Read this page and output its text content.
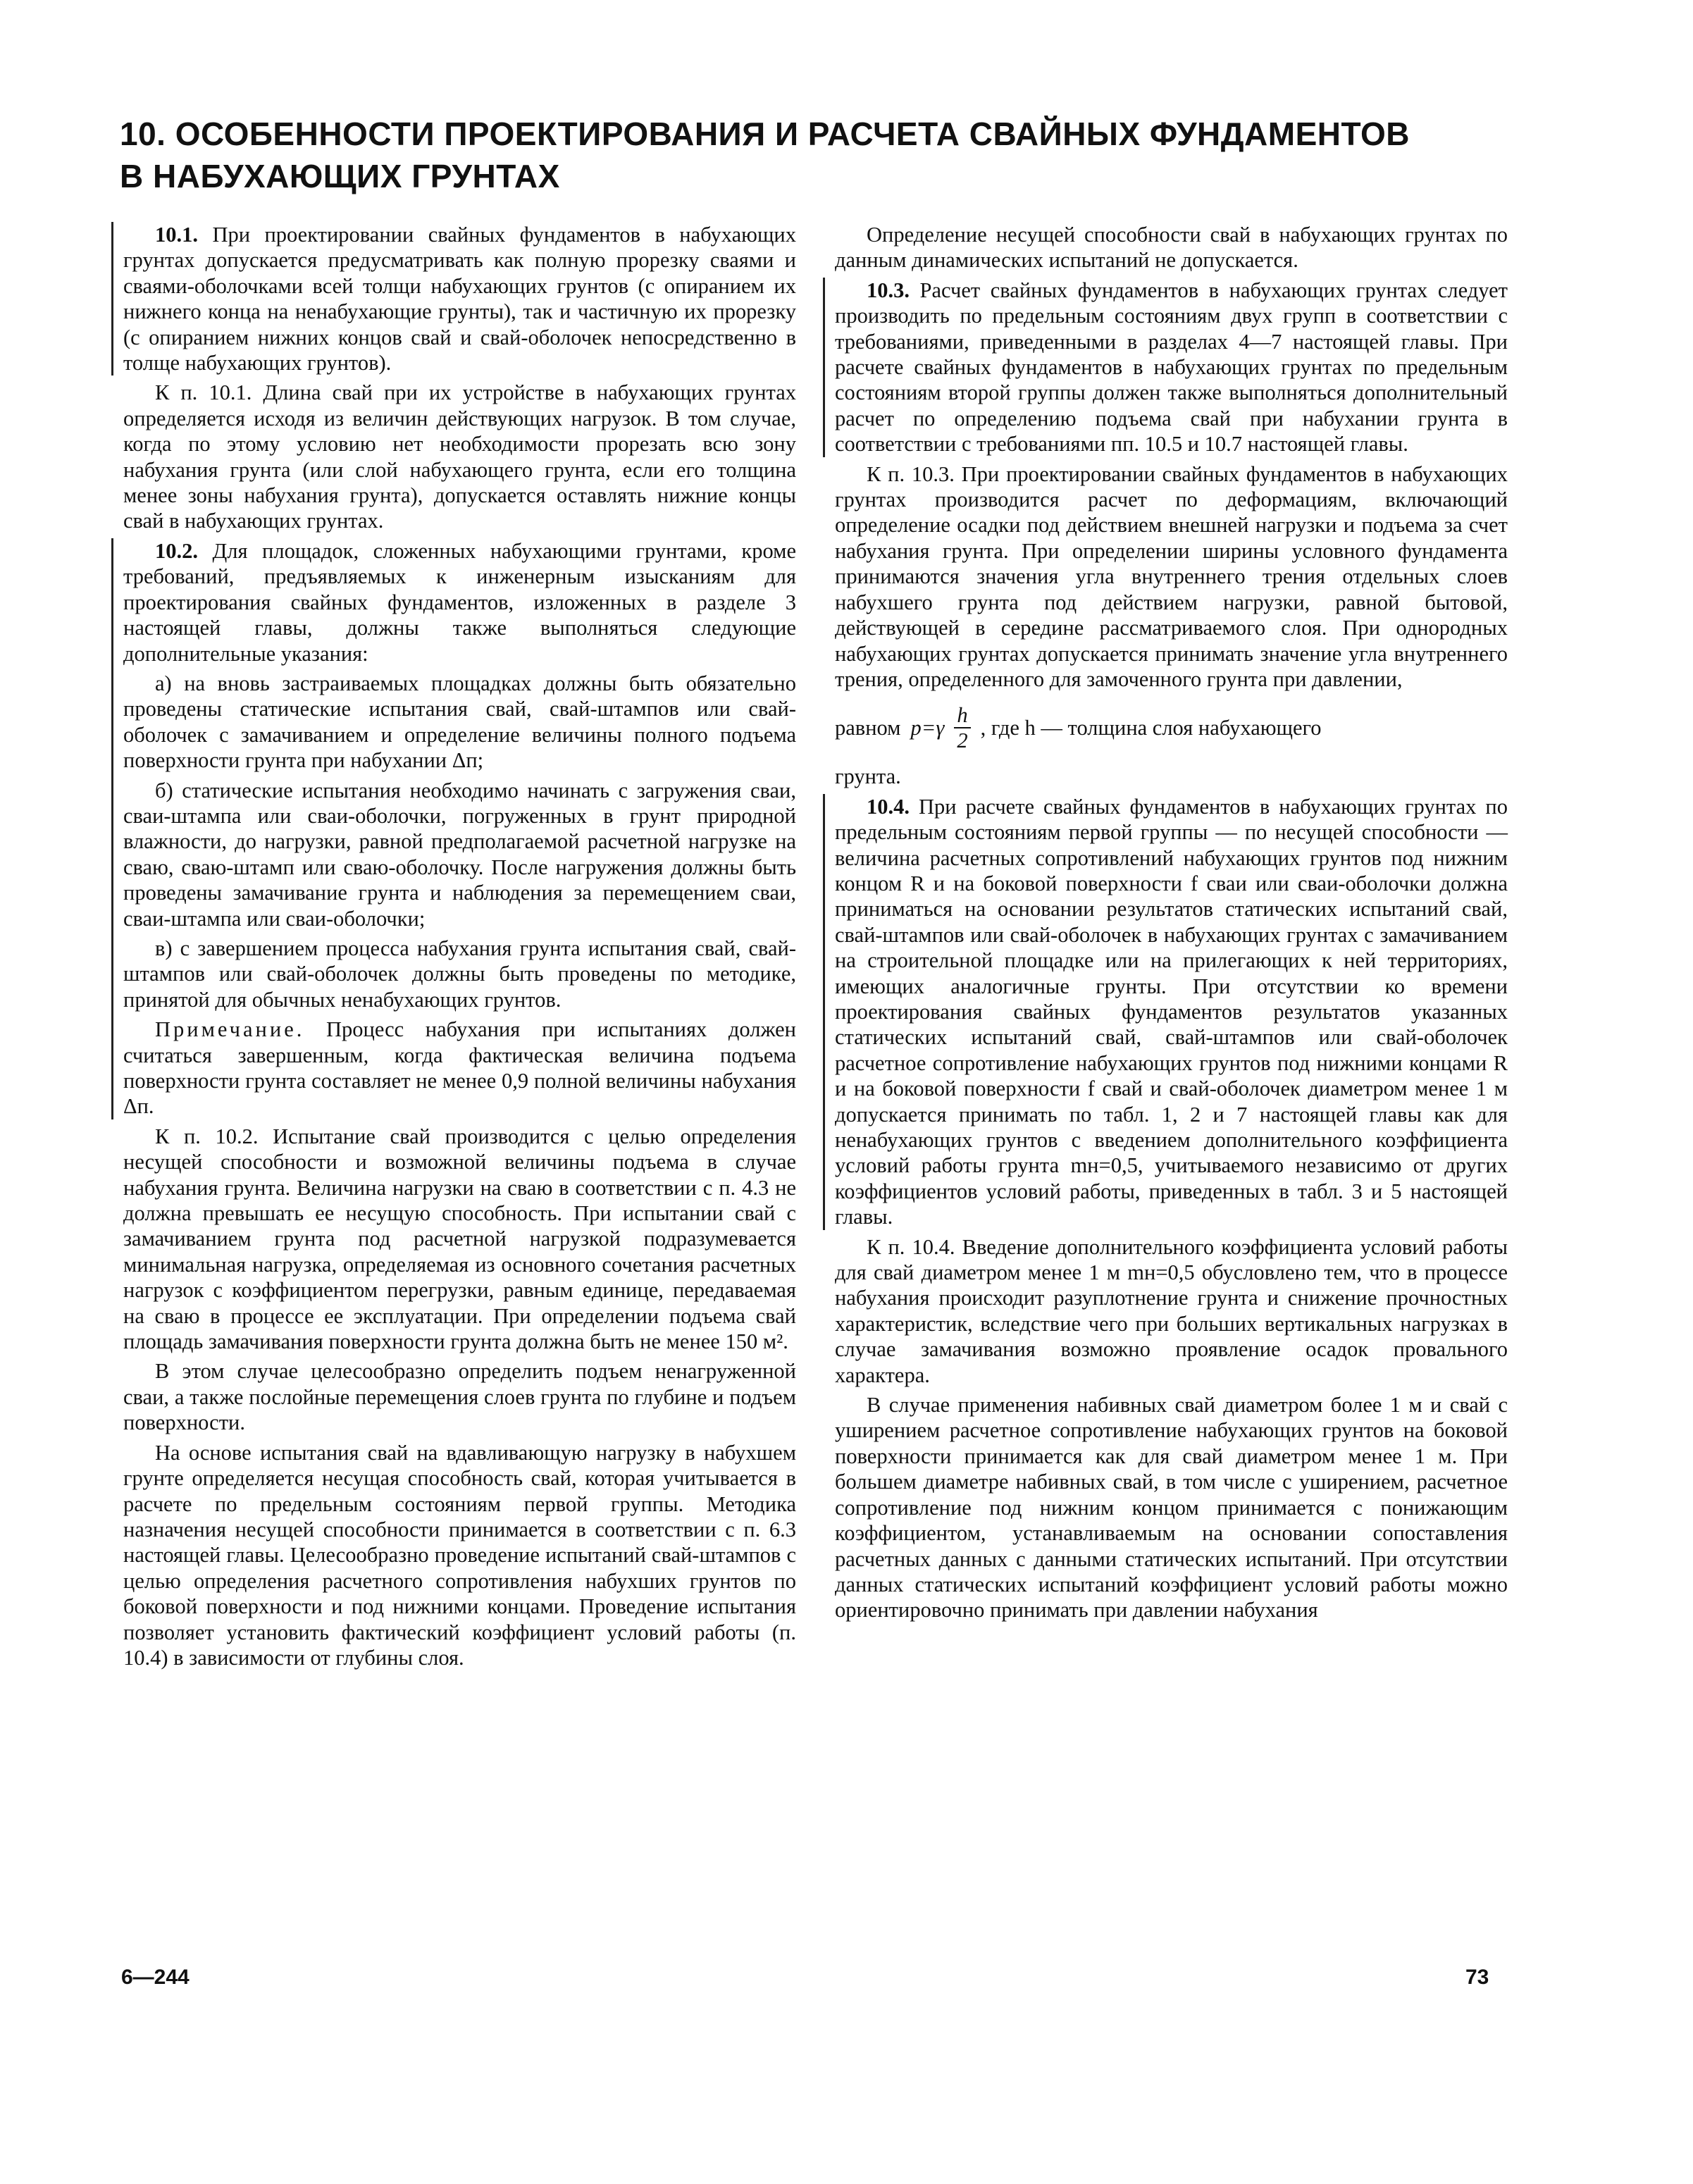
10. ОСОБЕННОСТИ ПРОЕКТИРОВАНИЯ И РАСЧЕТА СВАЙНЫХ ФУНДАМЕНТОВ
В НАБУХАЮЩИХ ГРУНТАХ

10.1. При проектировании свайных фундаментов в набухающих грунтах допускается предусматривать как полную прорезку сваями и сваями-оболочками всей толщи набухающих грунтов (с опиранием их нижнего конца на ненабухающие грунты), так и частичную их прорезку (с опиранием нижних концов свай и свай-оболочек непосредственно в толще набухающих грунтов).

К п. 10.1. Длина свай при их устройстве в набухающих грунтах определяется исходя из величин действующих нагрузок. В том случае, когда по этому условию нет необходимости прорезать всю зону набухания грунта (или слой набухающего грунта, если его толщина менее зоны набухания грунта), допускается оставлять нижние концы свай в набухающих грунтах.

10.2. Для площадок, сложенных набухающими грунтами, кроме требований, предъявляемых к инженерным изысканиям для проектирования свайных фундаментов, изложенных в разделе 3 настоящей главы, должны также выполняться следующие дополнительные указания:

а) на вновь застраиваемых площадках должны быть обязательно проведены статические испытания свай, свай-штампов или свай-оболочек с замачиванием и определение величины полного подъема поверхности грунта при набухании Δп;

б) статические испытания необходимо начинать с загружения сваи, сваи-штампа или сваи-оболочки, погруженных в грунт природной влажности, до нагрузки, равной предполагаемой расчетной нагрузке на сваю, сваю-штамп или сваю-оболочку. После нагружения должны быть проведены замачивание грунта и наблюдения за перемещением сваи, сваи-штампа или сваи-оболочки;

в) с завершением процесса набухания грунта испытания свай, свай-штампов или свай-оболочек должны быть проведены по методике, принятой для обычных ненабухающих грунтов.

Примечание. Процесс набухания при испытаниях должен считаться завершенным, когда фактическая величина подъема поверхности грунта составляет не менее 0,9 полной величины набухания Δп.

К п. 10.2. Испытание свай производится с целью определения несущей способности и возможной величины подъема в случае набухания грунта. Величина нагрузки на сваю в соответствии с п. 4.3 не должна превышать ее несущую способность. При испытании свай с замачиванием грунта под расчетной нагрузкой подразумевается минимальная нагрузка, определяемая из основного сочетания расчетных нагрузок с коэффициентом перегрузки, равным единице, передаваемая на сваю в процессе ее эксплуатации. При определении подъема свай площадь замачивания поверхности грунта должна быть не менее 150 м².

В этом случае целесообразно определить подъем ненагруженной сваи, а также послойные перемещения слоев грунта по глубине и подъем поверхности.

На основе испытания свай на вдавливающую нагрузку в набухшем грунте определяется несущая способность свай, которая учитывается в расчете по предельным состояниям первой группы. Методика назначения несущей способности принимается в соответствии с п. 6.3 настоящей главы. Целесообразно проведение испытаний свай-штампов с целью определения расчетного сопротивления набухших грунтов по боковой поверхности и под нижними концами. Проведение испытания позволяет установить фактический коэффициент условий работы (п. 10.4) в зависимости от глубины слоя.

Определение несущей способности свай в набухающих грунтах по данным динамических испытаний не допускается.

10.3. Расчет свайных фундаментов в набухающих грунтах следует производить по предельным состояниям двух групп в соответствии с требованиями, приведенными в разделах 4—7 настоящей главы. При расчете свайных фундаментов в набухающих грунтах по предельным состояниям второй группы должен также выполняться дополнительный расчет по определению подъема свай при набухании грунта в соответствии с требованиями пп. 10.5 и 10.7 настоящей главы.

К п. 10.3. При проектировании свайных фундаментов в набухающих грунтах производится расчет по деформациям, включающий определение осадки под действием внешней нагрузки и подъема за счет набухания грунта. При определении ширины условного фундамента принимаются значения угла внутреннего трения отдельных слоев набухшего грунта под действием нагрузки, равной бытовой, действующей в середине рассматриваемого слоя. При однородных набухающих грунтах допускается принимать значение угла внутреннего трения, определенного для замоченного грунта при давлении,

равном $p=\gamma \frac{h}{2}$ , где h — толщина слоя набухающего

грунта.

10.4. При расчете свайных фундаментов в набухающих грунтах по предельным состояниям первой группы — по несущей способности — величина расчетных сопротивлений набухающих грунтов под нижним концом R и на боковой поверхности f сваи или сваи-оболочки должна приниматься на основании результатов статических испытаний свай, свай-штампов или свай-оболочек в набухающих грунтах с замачиванием на строительной площадке или на прилегающих к ней территориях, имеющих аналогичные грунты. При отсутствии ко времени проектирования свайных фундаментов результатов указанных статических испытаний свай, свай-штампов или свай-оболочек расчетное сопротивление набухающих грунтов под нижними концами R и на боковой поверхности f свай и свай-оболочек диаметром менее 1 м допускается принимать по табл. 1, 2 и 7 настоящей главы как для ненабухающих грунтов с введением дополнительного коэффициента условий работы грунта mн=0,5, учитываемого независимо от других коэффициентов условий работы, приведенных в табл. 3 и 5 настоящей главы.

К п. 10.4. Введение дополнительного коэффициента условий работы для свай диаметром менее 1 м mн=0,5 обусловлено тем, что в процессе набухания происходит разуплотнение грунта и снижение прочностных характеристик, вследствие чего при больших вертикальных нагрузках в случае замачивания возможно проявление осадок провального характера.

В случае применения набивных свай диаметром более 1 м и свай с уширением расчетное сопротивление набухающих грунтов на боковой поверхности принимается как для свай диаметром менее 1 м. При большем диаметре набивных свай, в том числе с уширением, расчетное сопротивление под нижним концом принимается с понижающим коэффициентом, устанавливаемым на основании сопоставления расчетных данных с данными статических испытаний. При отсутствии данных статических испытаний коэффициент условий работы можно ориентировочно принимать при давлении набухания

6—244	73
